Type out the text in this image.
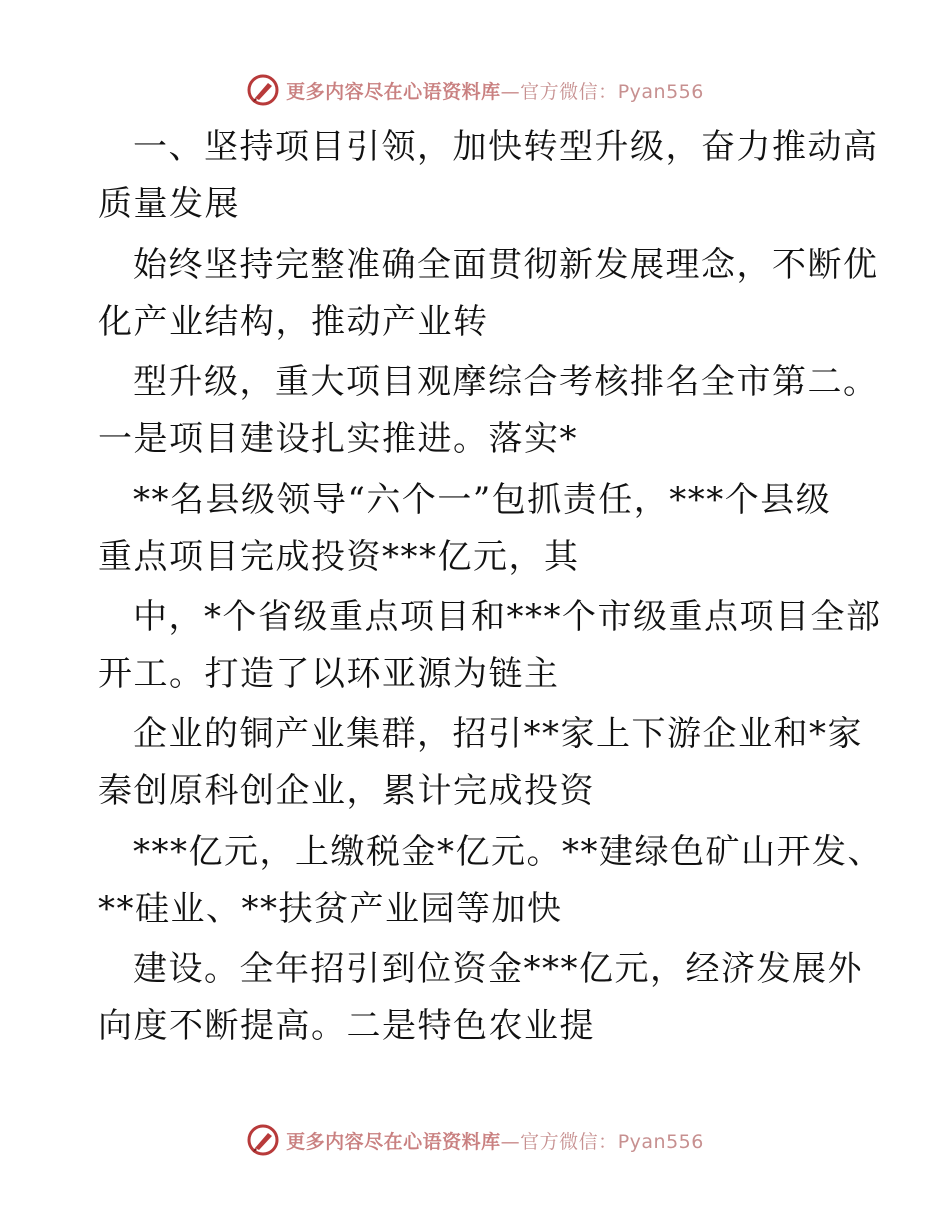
更多内容尽在心语资料库—官方微信：Pyan556
一、坚持项目引领，加快转型升级，奋力推动高
质量发展
始终坚持完整准确全面贯彻新发展理念，不断优
化产业结构，推动产业转
型升级，重大项目观摩综合考核排名全市第二。
一是项目建设扎实推进。落实*
**名县级领导“六个一”包抓责任，***个县级
重点项目完成投资***亿元，其
中，*个省级重点项目和***个市级重点项目全部
开工。打造了以环亚源为链主
企业的铜产业集群，招引**家上下游企业和*家
秦创原科创企业，累计完成投资
***亿元，上缴税金*亿元。**建绿色矿山开发、
**硅业、**扶贫产业园等加快
建设。全年招引到位资金***亿元，经济发展外
向度不断提高。二是特色农业提
更多内容尽在心语资料库—官方微信：Pyan556
